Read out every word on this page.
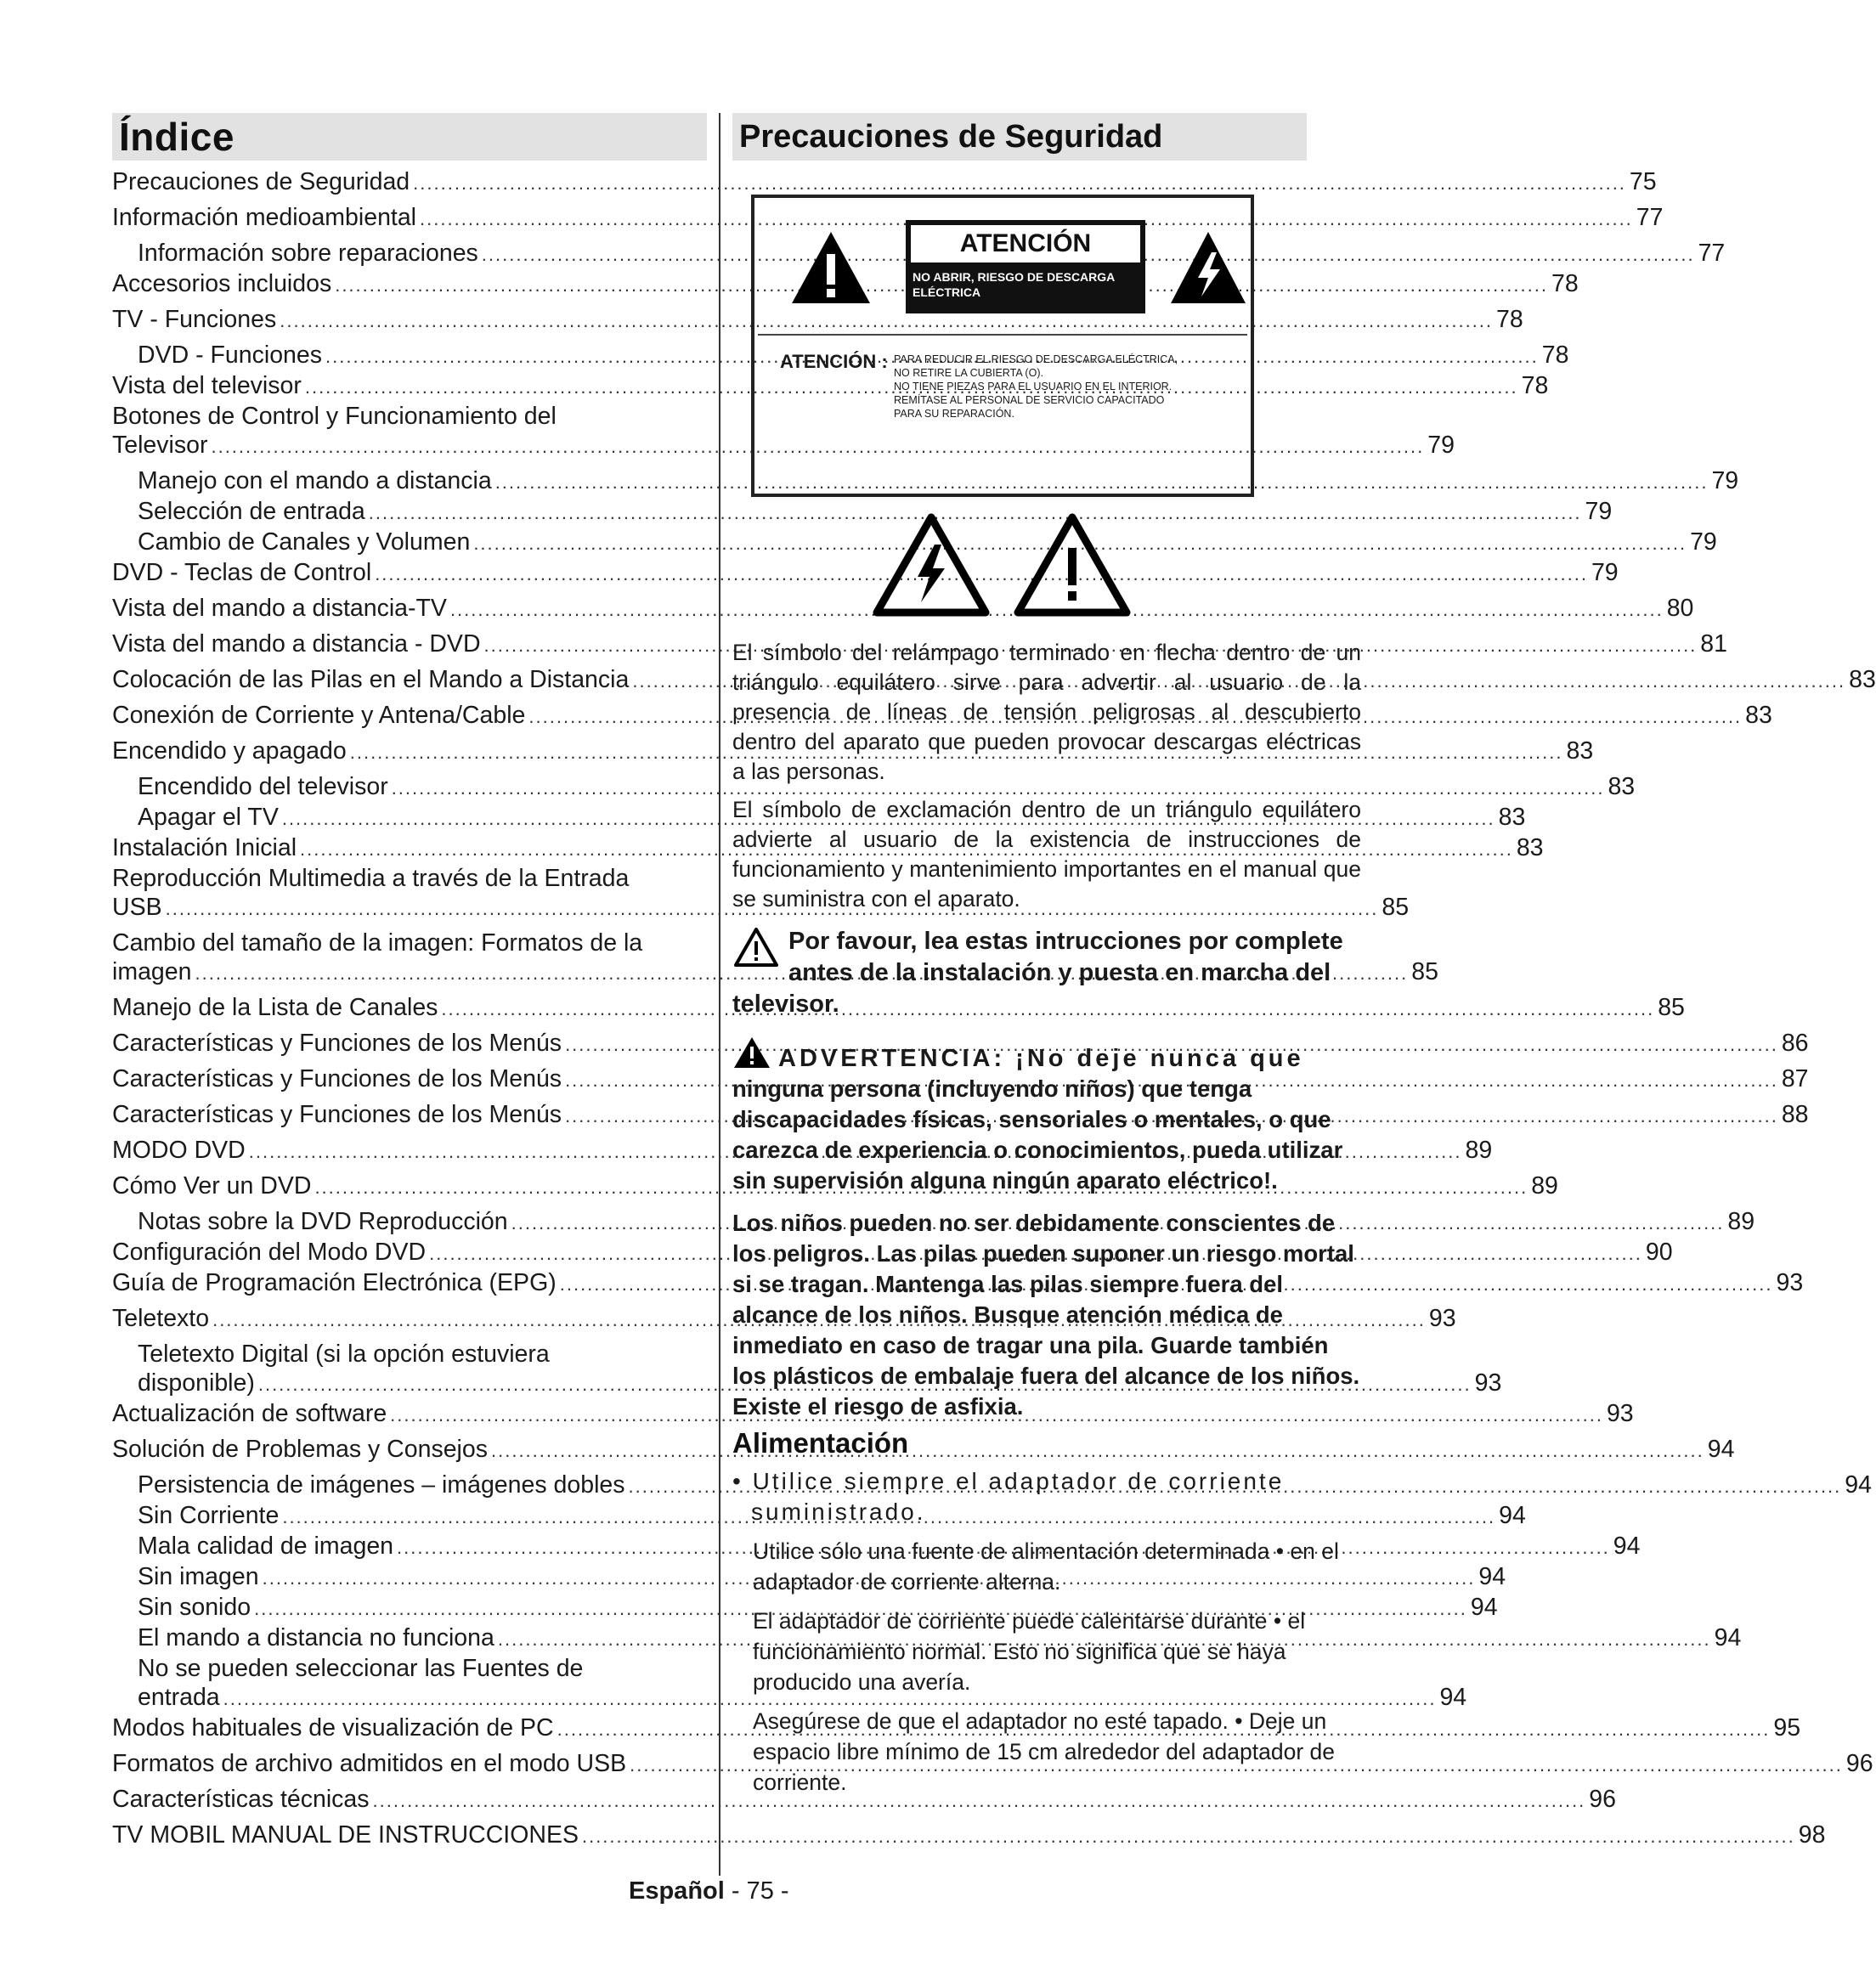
Índice
Precauciones de Seguridad .....	75
Información medioambiental .....	77
Información sobre reparaciones .....	77
Accesorios incluidos .....	78
TV - Funciones .....	78
DVD - Funciones .....	78
Vista del televisor .....	78
Botones de Control y Funcionamiento del
Televisor .....	79
Manejo con el mando a distancia .....	79
Selección de entrada .....	79
Cambio de Canales y Volumen .....	79
DVD - Teclas de Control .....	79
Vista del mando a distancia-TV .....	80
Vista del mando a distancia - DVD .....	81
Colocación de las Pilas en el Mando a Distancia .....	83
Conexión de Corriente y Antena/Cable .....	83
Encendido y apagado .....	83
Encendido del televisor .....	83
Apagar el TV .....	83
Instalación Inicial .....	83
Reproducción Multimedia a través de la Entrada
USB .....	85
Cambio del tamaño de la imagen: Formatos de la
imagen .....	85
Manejo de la Lista de Canales .....	85
Características y Funciones de los Menús .....	86
Características y Funciones de los Menús .....	87
Características y Funciones de los Menús .....	88
MODO DVD .....	89
Cómo Ver un DVD .....	89
Notas sobre la DVD Reproducción .....	89
Configuración del Modo DVD .....	90
Guía de Programación Electrónica (EPG) .....	93
Teletexto .....	93
Teletexto Digital (si la opción estuviera
disponible) .....	93
Actualización de software .....	93
Solución de Problemas y Consejos .....	94
Persistencia de imágenes – imágenes dobles .....	94
Sin Corriente .....	94
Mala calidad de imagen .....	94
Sin imagen .....	94
Sin sonido .....	94
El mando a distancia no funciona .....	94
No se pueden seleccionar las Fuentes de
entrada .....	94
Modos habituales de visualización de PC .....	95
Formatos de archivo admitidos en el modo USB .....	96
Características técnicas .....	96
TV MOBIL MANUAL DE INSTRUCCIONES .....	98
Precauciones de Seguridad
ATENCIÓN
NO ABRIR, RIESGO DE DESCARGA
ELÉCTRICA
ATENCIÓN : PARA REDUCIR EL RIESGO DE DESCARGA ELÉCTRICA,
NO RETIRE LA CUBIERTA (O).
NO TIENE PIEZAS PARA EL USUARIO EN EL INTERIOR.
REMÍTASE AL PERSONAL DE SERVICIO CAPACITADO
PARA SU REPARACIÓN.

El símbolo del relámpago terminado en flecha dentro de un triángulo equilátero sirve para advertir al usuario de la presencia de líneas de tensión peligrosas al descubierto dentro del aparato que pueden provocar descargas eléctricas a las personas.

El símbolo de exclamación dentro de un triángulo equilátero advierte al usuario de la existencia de instrucciones de funcionamiento y mantenimiento importantes en el manual que se suministra con el aparato.

Por favour, lea estas intrucciones por complete antes de la instalación y puesta en marcha del televisor.
ADVERTENCIA: ¡No deje nunca que
ninguna persona (incluyendo niños) que tenga discapacidades físicas, sensoriales o mentales, o que carezca de experiencia o conocimientos, pueda utilizar sin supervisión alguna ningún aparato eléctrico!.
Los niños pueden no ser debidamente conscientes de los peligros. Las pilas pueden suponer un riesgo mortal si se tragan. Mantenga las pilas siempre fuera del alcance de los niños. Busque atención médica de inmediato en caso de tragar una pila. Guarde también los plásticos de embalaje fuera del alcance de los niños. Existe el riesgo de asfixia.
Alimentación
• Utilice siempre el adaptador de corriente suministrado.
Utilice sólo una fuente de alimentación determinada • en el adaptador de corriente alterna.
El adaptador de corriente puede calentarse durante • el funcionamiento normal. Esto no significa que se haya producido una avería.
Asegúrese de que el adaptador no esté tapado. • Deje un espacio libre mínimo de 15 cm alrededor del adaptador de corriente.
Español - 75 -
